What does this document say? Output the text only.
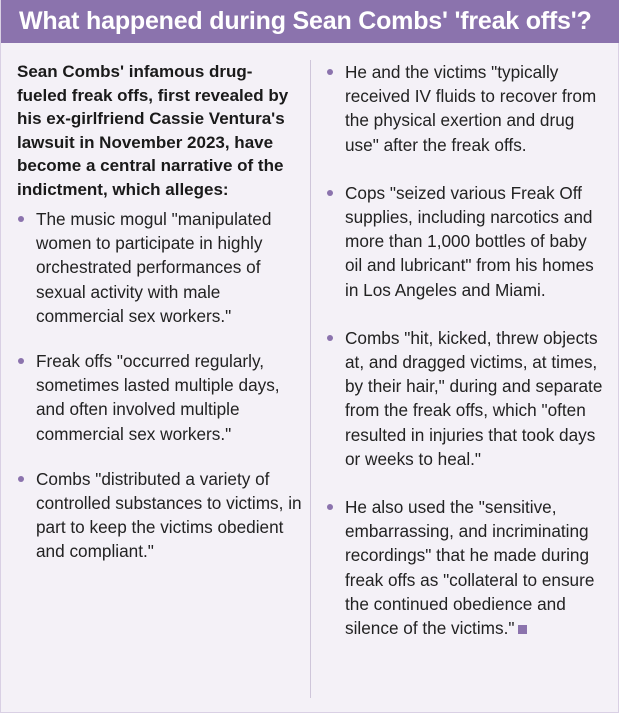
What happened during Sean Combs' 'freak offs'?

Sean Combs' infamous drug-fueled freak offs, first revealed by his ex-girlfriend Cassie Ventura's lawsuit in November 2023, have become a central narrative of the indictment, which alleges:

The music mogul "manipulated women to participate in highly orchestrated performances of sexual activity with male commercial sex workers."
Freak offs "occurred regularly, sometimes lasted multiple days, and often involved multiple commercial sex workers."
Combs "distributed a variety of controlled substances to victims, in part to keep the victims obedient and compliant."
He and the victims "typically received IV fluids to recover from the physical exertion and drug use" after the freak offs.
Cops "seized various Freak Off supplies, including narcotics and more than 1,000 bottles of baby oil and lubricant" from his homes in Los Angeles and Miami.
Combs "hit, kicked, threw objects at, and dragged victims, at times, by their hair," during and separate from the freak offs, which "often resulted in injuries that took days or weeks to heal."
He also used the "sensitive, embarrassing, and incriminating recordings" that he made during freak offs as "collateral to ensure the continued obedience and silence of the victims."
